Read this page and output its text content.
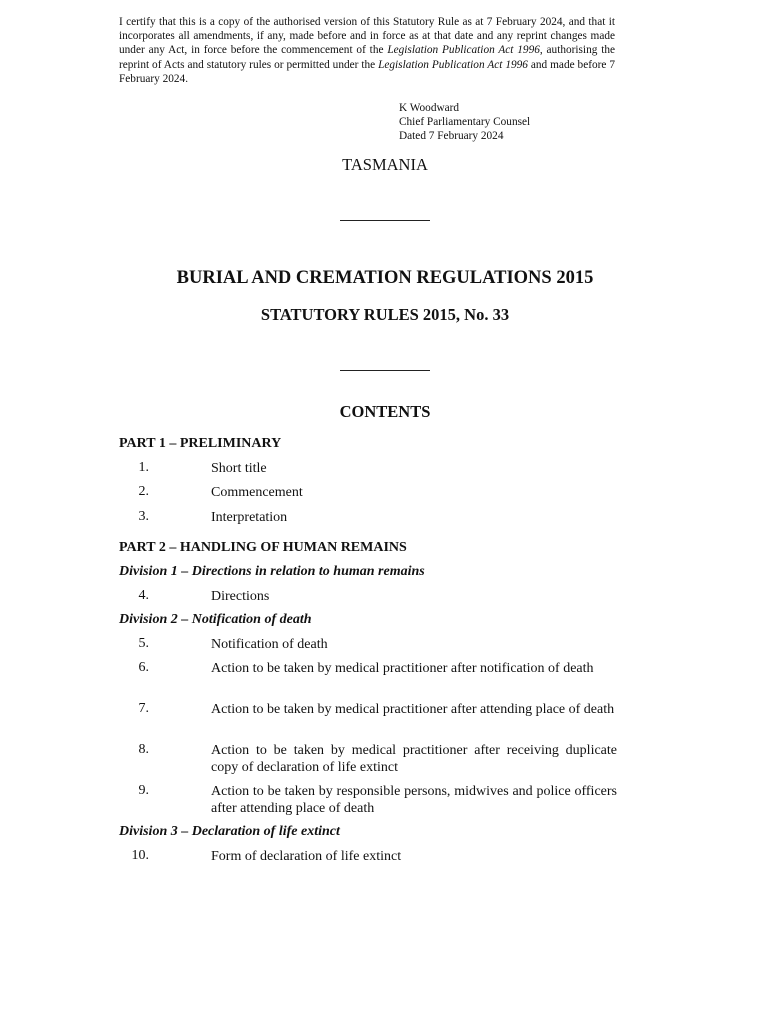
I certify that this is a copy of the authorised version of this Statutory Rule as at 7 February 2024, and that it incorporates all amendments, if any, made before and in force as at that date and any reprint changes made under any Act, in force before the commencement of the Legislation Publication Act 1996, authorising the reprint of Acts and statutory rules or permitted under the Legislation Publication Act 1996 and made before 7 February 2024.
K Woodward
Chief Parliamentary Counsel
Dated 7 February 2024
TASMANIA
BURIAL AND CREMATION REGULATIONS 2015
STATUTORY RULES 2015, No. 33
CONTENTS
PART 1 – PRELIMINARY
1.	Short title
2.	Commencement
3.	Interpretation
PART 2 – HANDLING OF HUMAN REMAINS
Division 1 – Directions in relation to human remains
4.	Directions
Division 2 – Notification of death
5.	Notification of death
6.	Action to be taken by medical practitioner after notification of death
7.	Action to be taken by medical practitioner after attending place of death
8.	Action to be taken by medical practitioner after receiving duplicate copy of declaration of life extinct
9.	Action to be taken by responsible persons, midwives and police officers after attending place of death
Division 3 – Declaration of life extinct
10.	Form of declaration of life extinct
